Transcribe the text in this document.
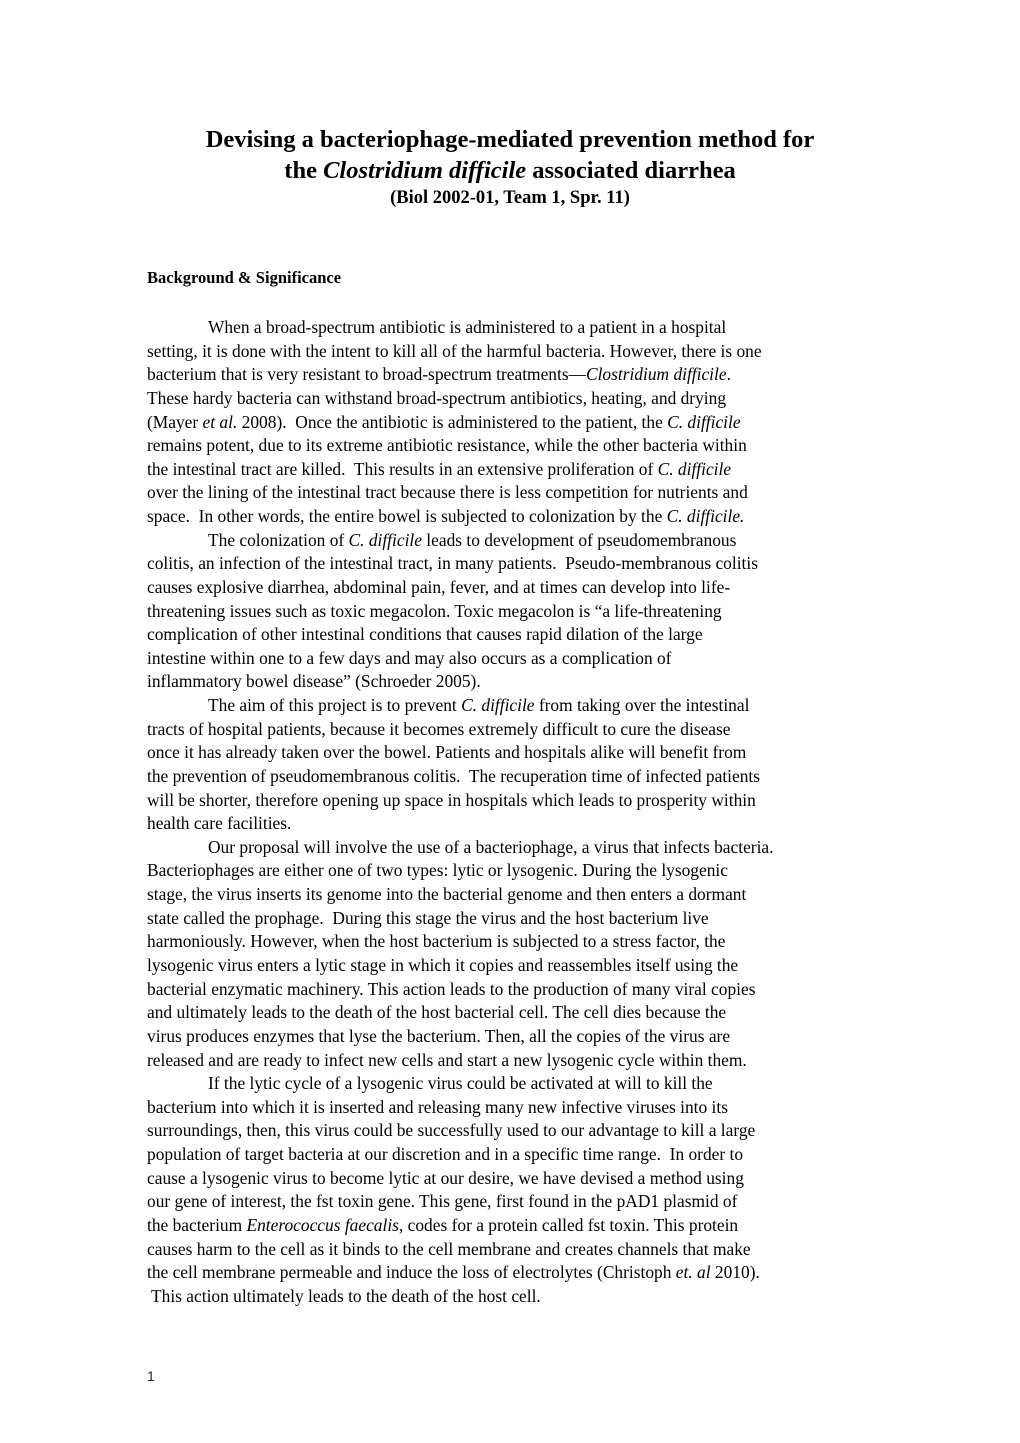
Devising a bacteriophage-mediated prevention method for
the Clostridium difficile associated diarrhea
(Biol 2002-01, Team 1, Spr. 11)
Background & Significance
When a broad-spectrum antibiotic is administered to a patient in a hospital
setting, it is done with the intent to kill all of the harmful bacteria. However, there is one
bacterium that is very resistant to broad-spectrum treatments—Clostridium difficile.
These hardy bacteria can withstand broad-spectrum antibiotics, heating, and drying
(Mayer et al. 2008).  Once the antibiotic is administered to the patient, the C. difficile
remains potent, due to its extreme antibiotic resistance, while the other bacteria within
the intestinal tract are killed.  This results in an extensive proliferation of C. difficile
over the lining of the intestinal tract because there is less competition for nutrients and
space.  In other words, the entire bowel is subjected to colonization by the C. difficile.
The colonization of C. difficile leads to development of pseudomembranous
colitis, an infection of the intestinal tract, in many patients.  Pseudo-membranous colitis
causes explosive diarrhea, abdominal pain, fever, and at times can develop into life-
threatening issues such as toxic megacolon. Toxic megacolon is “a life-threatening
complication of other intestinal conditions that causes rapid dilation of the large
intestine within one to a few days and may also occurs as a complication of
inflammatory bowel disease” (Schroeder 2005).
The aim of this project is to prevent C. difficile from taking over the intestinal
tracts of hospital patients, because it becomes extremely difficult to cure the disease
once it has already taken over the bowel. Patients and hospitals alike will benefit from
the prevention of pseudomembranous colitis.  The recuperation time of infected patients
will be shorter, therefore opening up space in hospitals which leads to prosperity within
health care facilities.
Our proposal will involve the use of a bacteriophage, a virus that infects bacteria.
Bacteriophages are either one of two types: lytic or lysogenic. During the lysogenic
stage, the virus inserts its genome into the bacterial genome and then enters a dormant
state called the prophage.  During this stage the virus and the host bacterium live
harmoniously. However, when the host bacterium is subjected to a stress factor, the
lysogenic virus enters a lytic stage in which it copies and reassembles itself using the
bacterial enzymatic machinery. This action leads to the production of many viral copies
and ultimately leads to the death of the host bacterial cell. The cell dies because the
virus produces enzymes that lyse the bacterium. Then, all the copies of the virus are
released and are ready to infect new cells and start a new lysogenic cycle within them.
If the lytic cycle of a lysogenic virus could be activated at will to kill the
bacterium into which it is inserted and releasing many new infective viruses into its
surroundings, then, this virus could be successfully used to our advantage to kill a large
population of target bacteria at our discretion and in a specific time range.  In order to
cause a lysogenic virus to become lytic at our desire, we have devised a method using
our gene of interest, the fst toxin gene. This gene, first found in the pAD1 plasmid of
the bacterium Enterococcus faecalis, codes for a protein called fst toxin. This protein
causes harm to the cell as it binds to the cell membrane and creates channels that make
the cell membrane permeable and induce the loss of electrolytes (Christoph et. al 2010).
This action ultimately leads to the death of the host cell.
1
